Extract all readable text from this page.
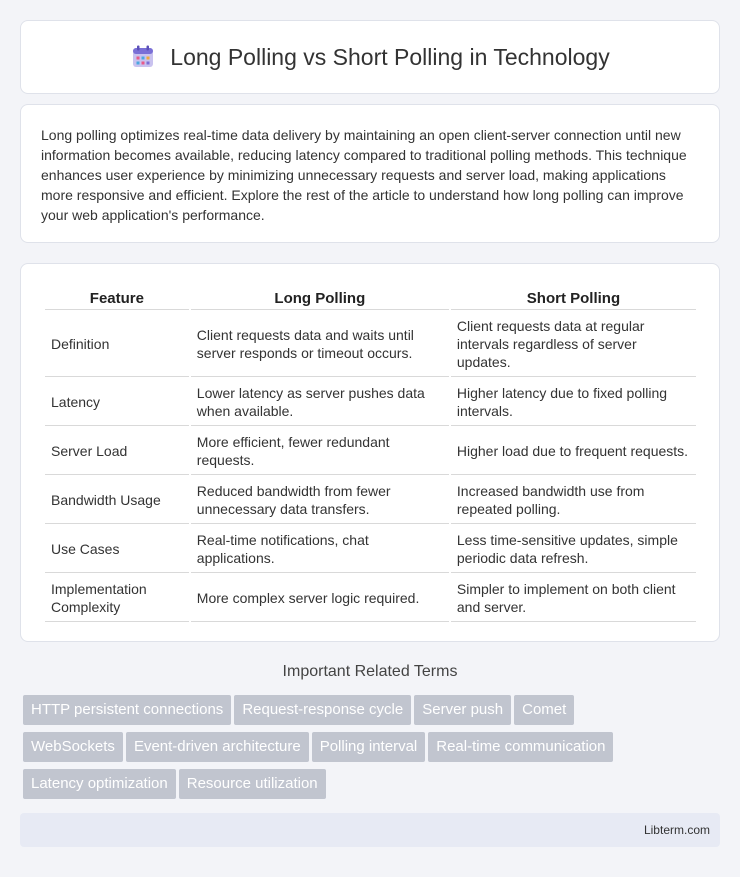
Long Polling vs Short Polling in Technology

Long polling optimizes real-time data delivery by maintaining an open client-server connection until new information becomes available, reducing latency compared to traditional polling methods. This technique enhances user experience by minimizing unnecessary requests and server load, making applications more responsive and efficient. Explore the rest of the article to understand how long polling can improve your web application's performance.

Feature	Long Polling	Short Polling
Definition	Client requests data and waits until server responds or timeout occurs.	Client requests data at regular intervals regardless of server updates.
Latency	Lower latency as server pushes data when available.	Higher latency due to fixed polling intervals.
Server Load	More efficient, fewer redundant requests.	Higher load due to frequent requests.
Bandwidth Usage	Reduced bandwidth from fewer unnecessary data transfers.	Increased bandwidth use from repeated polling.
Use Cases	Real-time notifications, chat applications.	Less time-sensitive updates, simple periodic data refresh.
Implementation Complexity	More complex server logic required.	Simpler to implement on both client and server.
Important Related Terms
HTTP persistent connections Request-response cycle Server push Comet
WebSockets Event-driven architecture Polling interval Real-time communication
Latency optimization Resource utilization
Libterm.com
